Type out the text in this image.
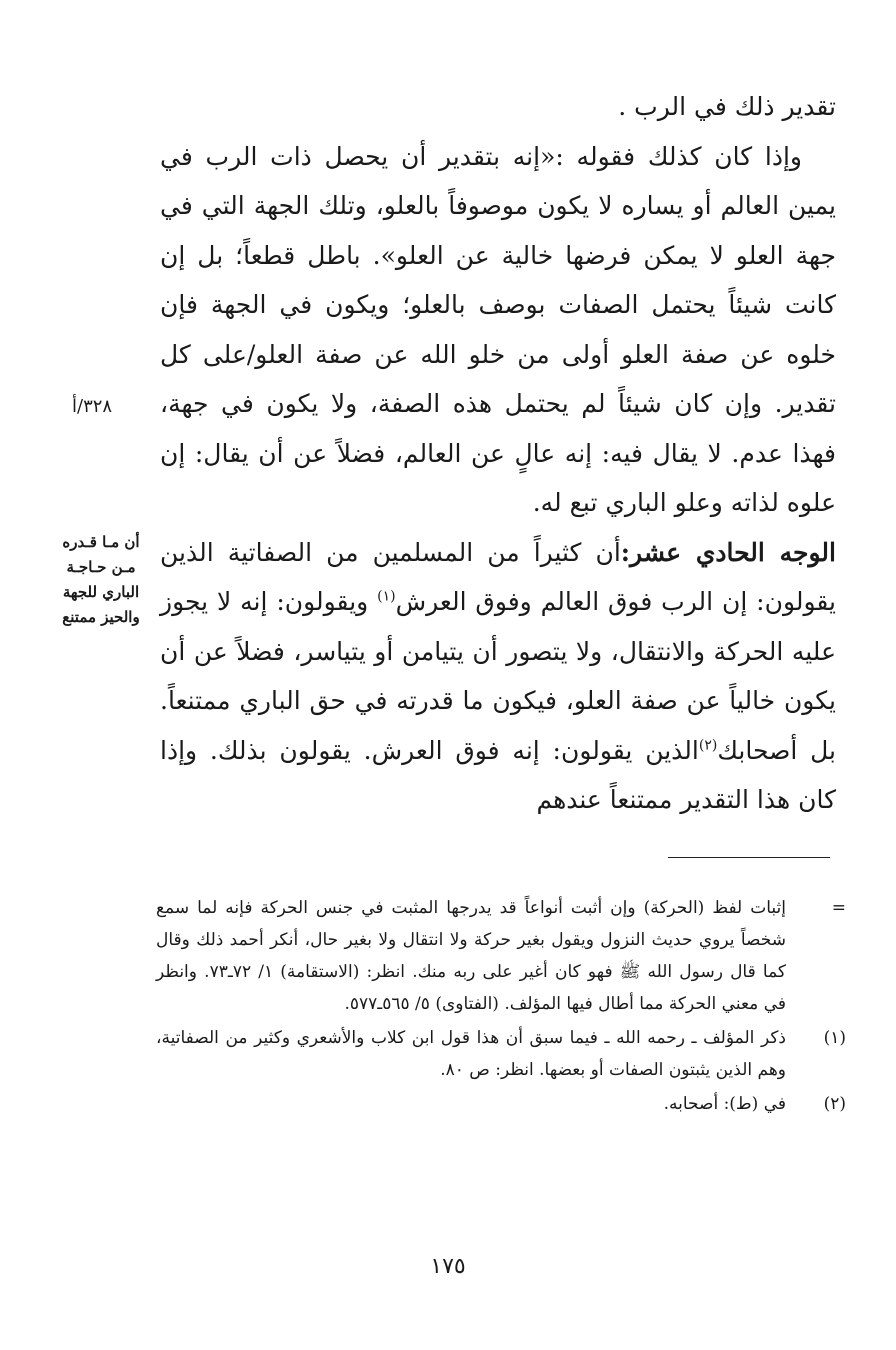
تقدير ذلك في الرب .

وإذا كان كذلك فقوله :«إنه بتقدير أن يحصل ذات الرب في يمين العالم أو يساره لا يكون موصوفاً بالعلو، وتلك الجهة التي في جهة العلو لا يمكن فرضها خالية عن العلو». باطل قطعاً؛ بل إن كانت شيئاً يحتمل الصفات بوصف بالعلو؛ ويكون في الجهة فإن خلوه عن صفة العلو أولى من خلو الله عن صفة العلو/على كل تقدير. وإن كان شيئاً لم يحتمل هذه الصفة، ولا يكون في جهة، فهذا عدم. لا يقال فيه: إنه عالٍ عن العالم، فضلاً عن أن يقال: إن علوه لذاته وعلو الباري تبع له.

الوجه الحادي عشر:أن كثيراً من المسلمين من الصفاتية الذين يقولون: إن الرب فوق العالم وفوق العرش$^{(١)}$ ويقولون: إنه لا يجوز عليه الحركة والانتقال، ولا يتصور أن يتيامن أو يتياسر، فضلاً عن أن يكون خالياً عن صفة العلو، فيكون ما قدرته في حق الباري ممتنعاً. بل أصحابك$^{(٢)}$الذين يقولون: إنه فوق العرش. يقولون بذلك. وإذا كان هذا التقدير ممتنعاً عندهم

٣٢٨/أ
أن مـا قـدره مـن حـاجـة الباري للجهة والحيز ممتنع
=
إثبات لفظ (الحركة) وإن أثبت أنواعاً قد يدرجها المثبت في جنس الحركة فإنه لما سمع شخصاً يروي حديث النزول ويقول بغير حركة ولا انتقال ولا بغير حال، أنكر أحمد ذلك وقال كما قال رسول الله ﷺ فهو كان أغير على ربه منك. انظر: (الاستقامة) ١/ ٧٢ـ٧٣. وانظر في معني الحركة مما أطال فيها المؤلف. (الفتاوى) ٥/ ٥٦٥ـ٥٧٧.
(١)
ذكر المؤلف ـ رحمه الله ـ فيما سبق أن هذا قول ابن كلاب والأشعري وكثير من الصفاتية، وهم الذين يثبتون الصفات أو بعضها. انظر: ص ٨٠.
(٢)
في (ط): أصحابه.
١٧٥
